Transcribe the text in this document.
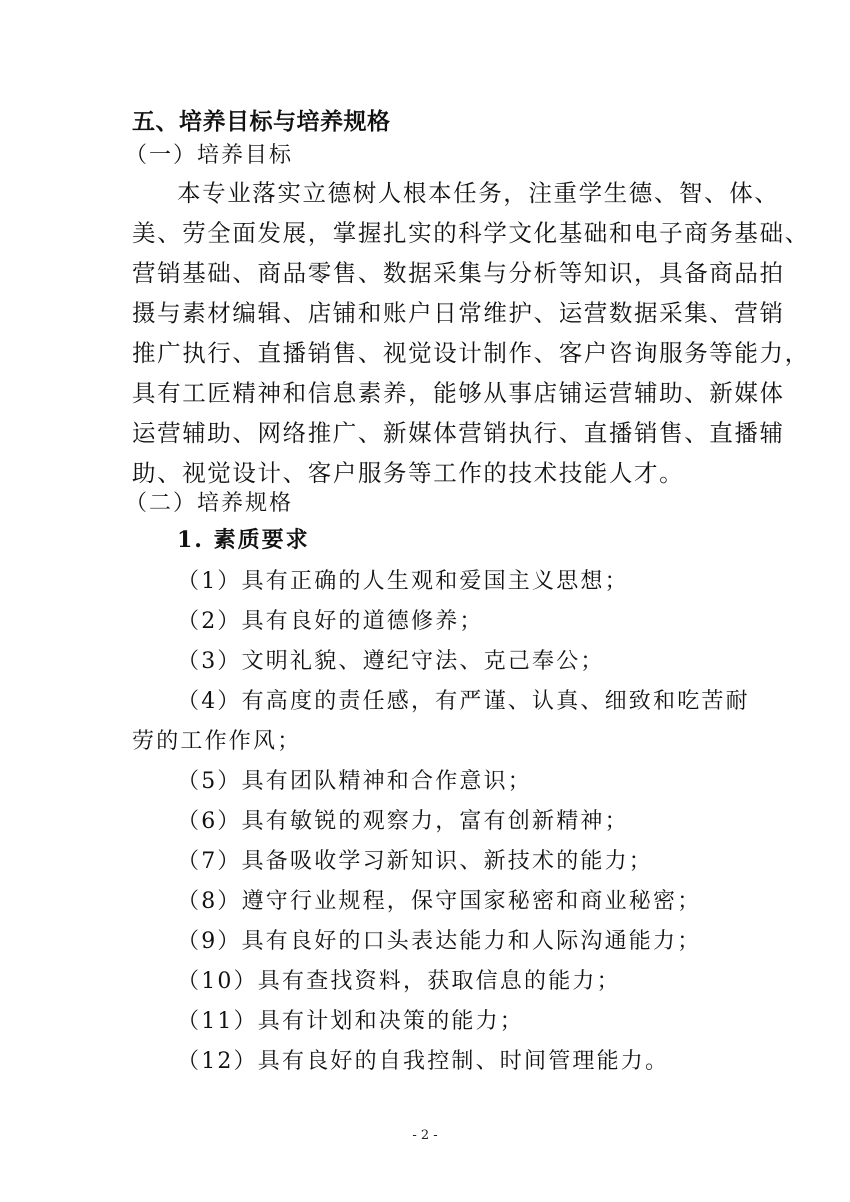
五、培养目标与培养规格

（一）培养目标

本专业落实立德树人根本任务，注重学生德、智、体、

美、劳全面发展，掌握扎实的科学文化基础和电子商务基础、

营销基础、商品零售、数据采集与分析等知识，具备商品拍

摄与素材编辑、店铺和账户日常维护、运营数据采集、营销

推广执行、直播销售、视觉设计制作、客户咨询服务等能力，

具有工匠精神和信息素养，能够从事店铺运营辅助、新媒体

运营辅助、网络推广、新媒体营销执行、直播销售、直播辅

助、视觉设计、客户服务等工作的技术技能人才。

（二）培养规格

1. 素质要求

（1）具有正确的人生观和爱国主义思想；

（2）具有良好的道德修养；

（3）文明礼貌、遵纪守法、克己奉公；

（4）有高度的责任感，有严谨、认真、细致和吃苦耐

劳的工作作风；

（5）具有团队精神和合作意识；

（6）具有敏锐的观察力，富有创新精神；

（7）具备吸收学习新知识、新技术的能力；

（8）遵守行业规程，保守国家秘密和商业秘密；

（9）具有良好的口头表达能力和人际沟通能力；

（10）具有查找资料，获取信息的能力；

（11）具有计划和决策的能力；

（12）具有良好的自我控制、时间管理能力。

- 2 -
